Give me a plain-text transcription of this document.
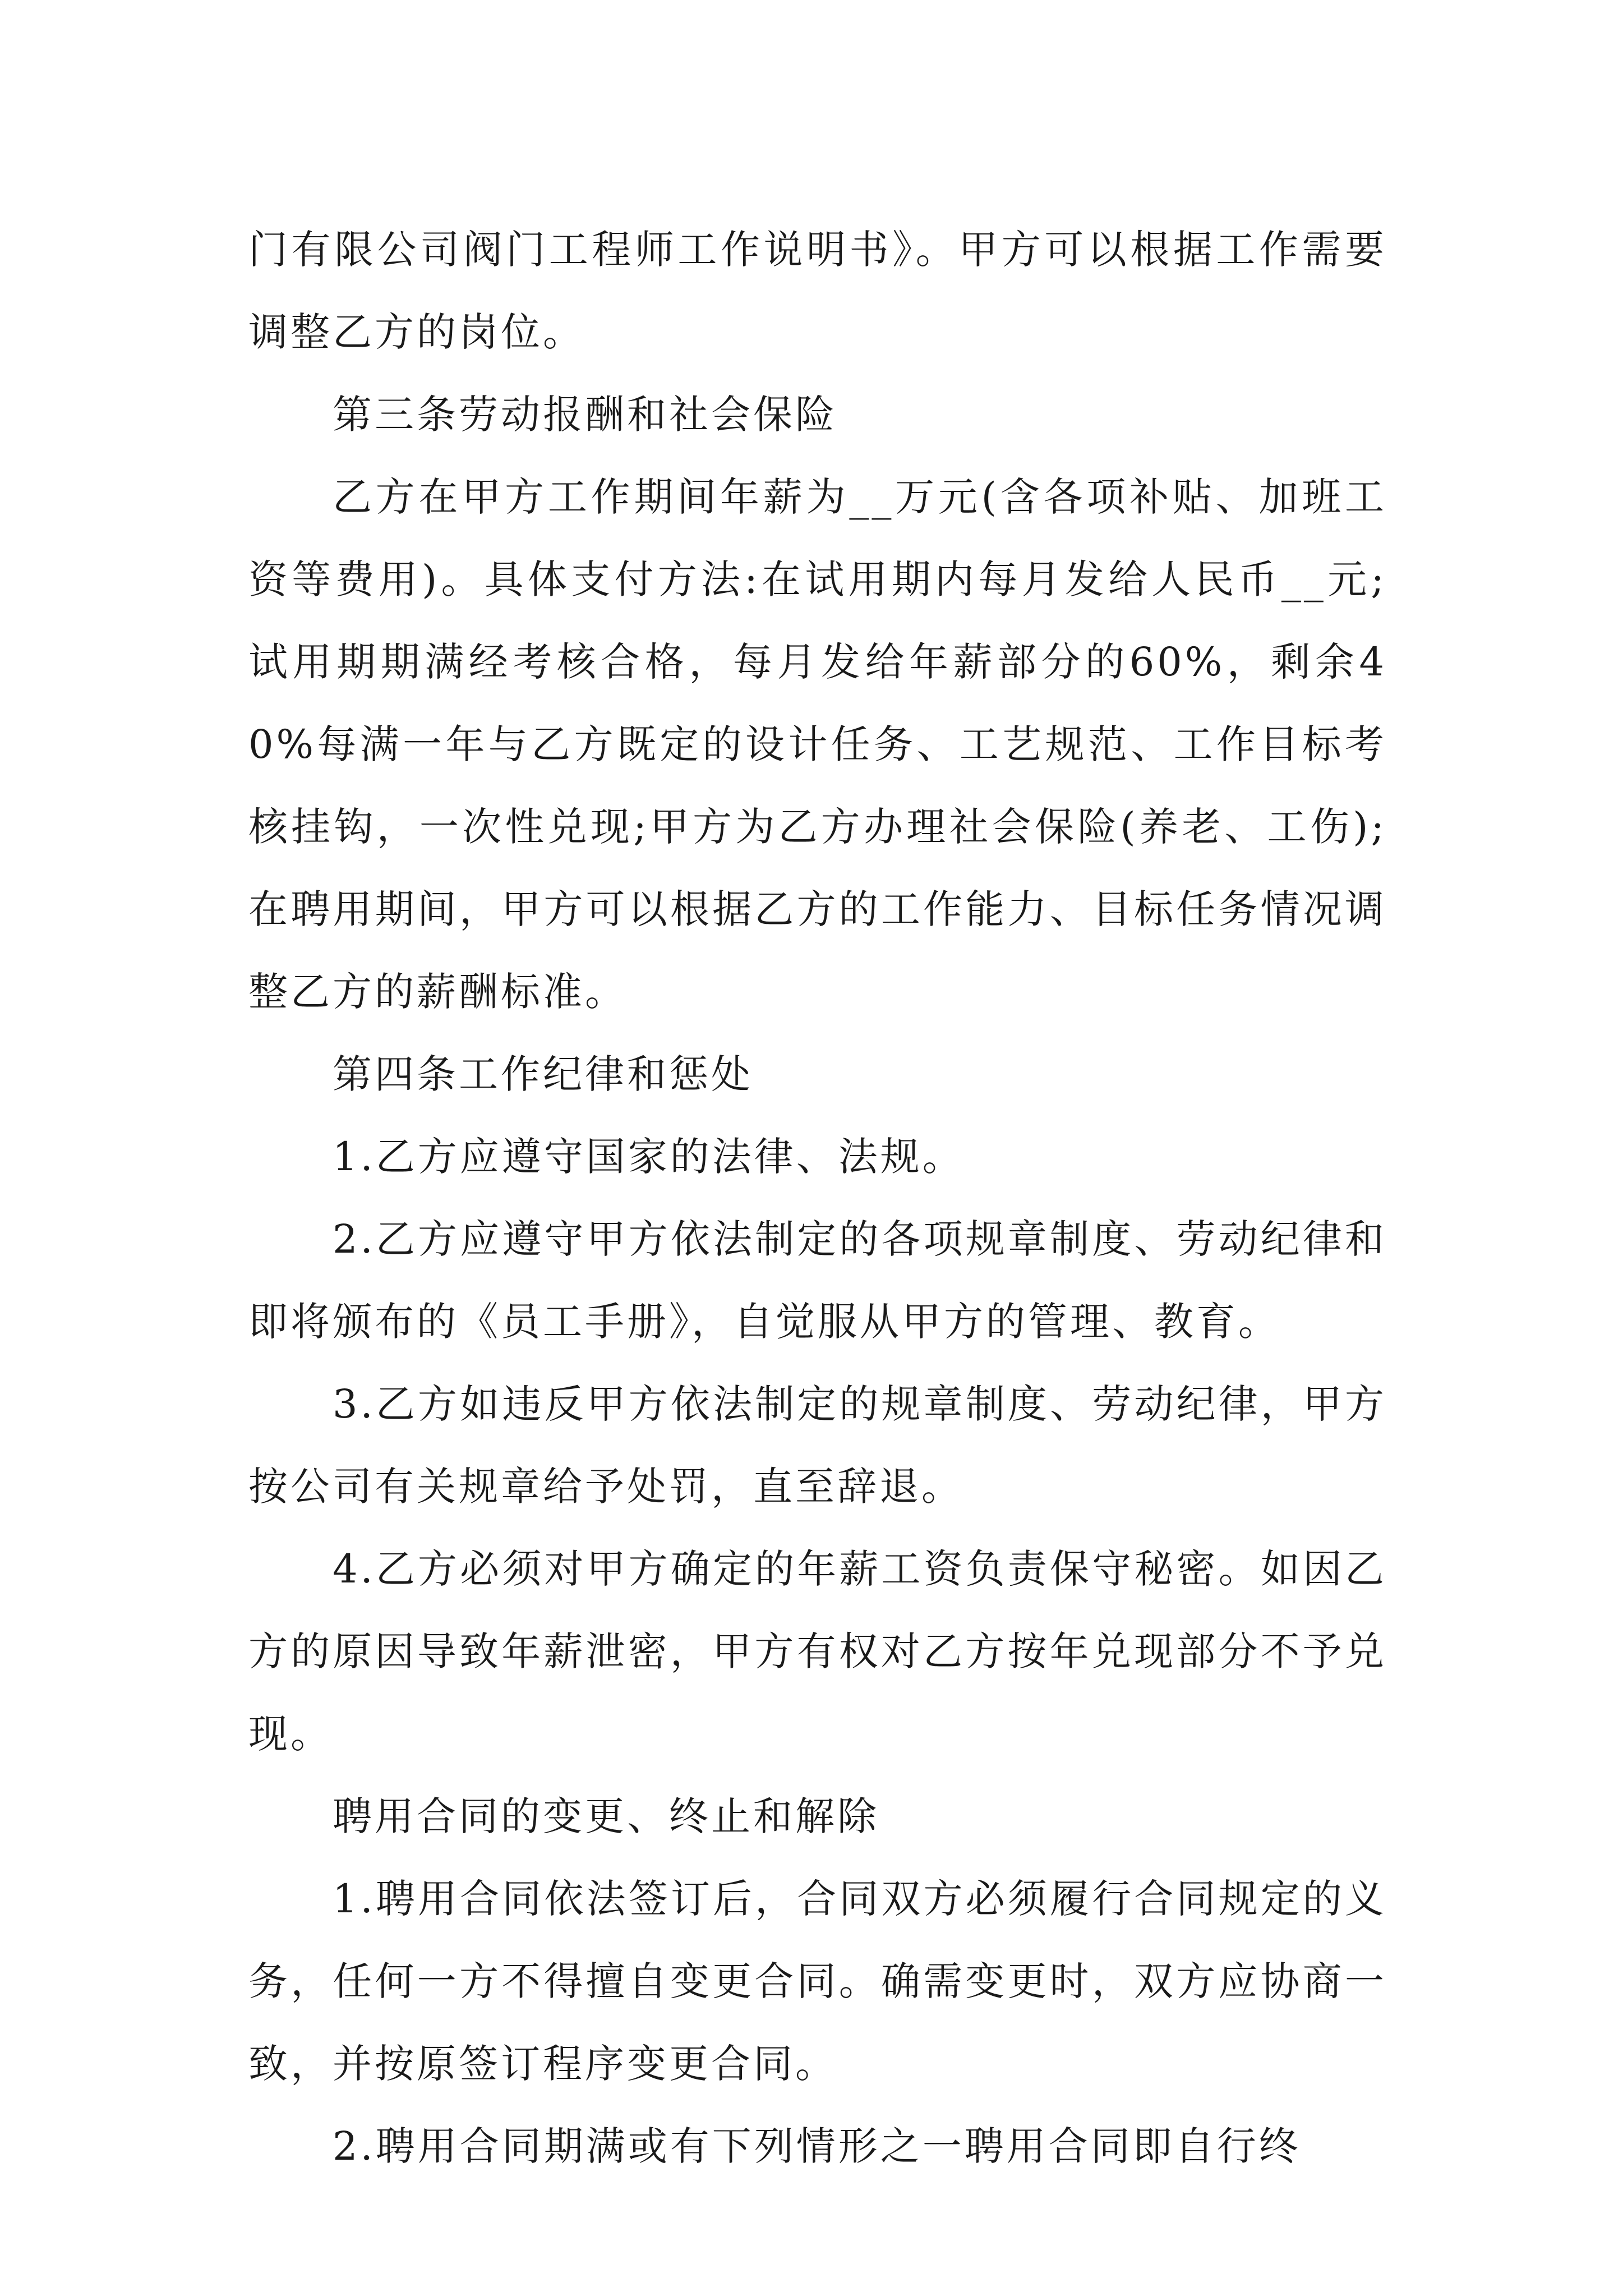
门有限公司阀门工程师工作说明书》。甲方可以根据工作需要调整乙方的岗位。

第三条劳动报酬和社会保险

乙方在甲方工作期间年薪为__万元(含各项补贴、加班工资等费用)。具体支付方法:在试用期内每月发给人民币__元;试用期期满经考核合格，每月发给年薪部分的60%，剩余40%每满一年与乙方既定的设计任务、工艺规范、工作目标考核挂钩，一次性兑现;甲方为乙方办理社会保险(养老、工伤);在聘用期间，甲方可以根据乙方的工作能力、目标任务情况调整乙方的薪酬标准。

第四条工作纪律和惩处

1.乙方应遵守国家的法律、法规。

2.乙方应遵守甲方依法制定的各项规章制度、劳动纪律和即将颁布的《员工手册》，自觉服从甲方的管理、教育。

3.乙方如违反甲方依法制定的规章制度、劳动纪律，甲方按公司有关规章给予处罚，直至辞退。

4.乙方必须对甲方确定的年薪工资负责保守秘密。如因乙方的原因导致年薪泄密，甲方有权对乙方按年兑现部分不予兑现。

聘用合同的变更、终止和解除

1.聘用合同依法签订后，合同双方必须履行合同规定的义务，任何一方不得擅自变更合同。确需变更时，双方应协商一致，并按原签订程序变更合同。

2.聘用合同期满或有下列情形之一聘用合同即自行终
